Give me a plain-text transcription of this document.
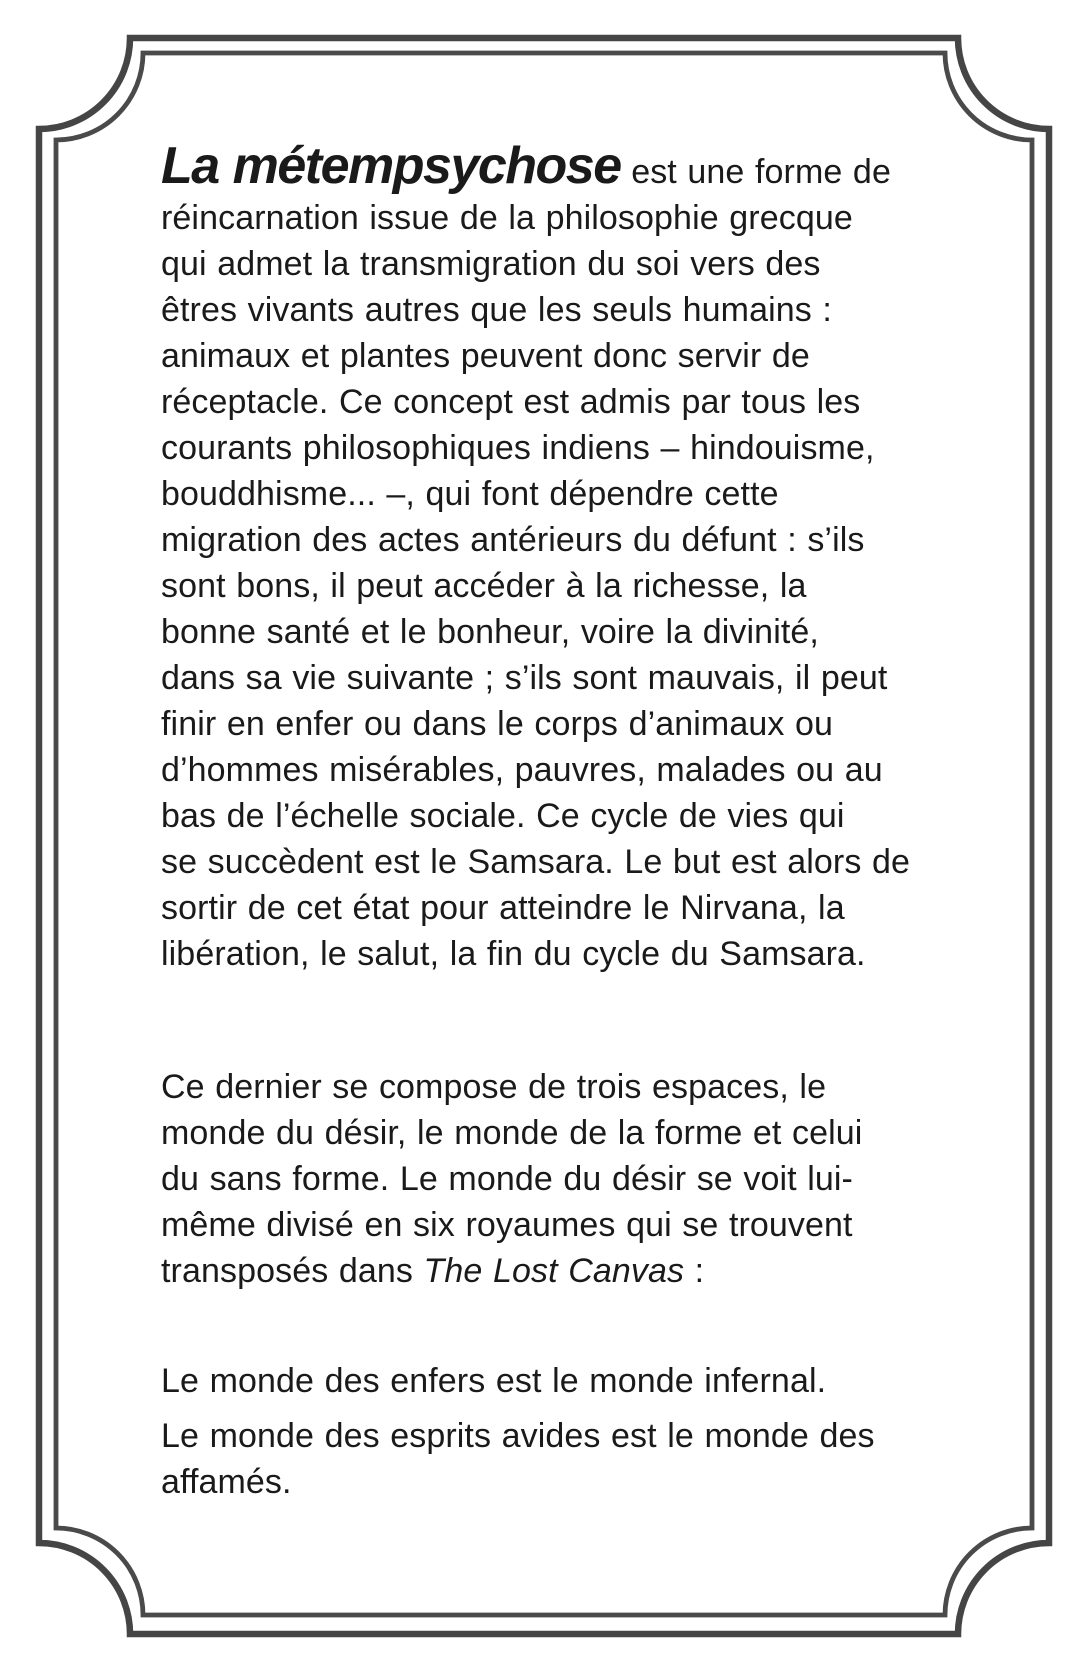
La métempsychose est une forme de
réincarnation issue de la philosophie grecque
qui admet la transmigration du soi vers des
êtres vivants autres que les seuls humains :
animaux et plantes peuvent donc servir de
réceptacle. Ce concept est admis par tous les
courants philosophiques indiens – hindouisme,
bouddhisme... –, qui font dépendre cette
migration des actes antérieurs du défunt : s’ils
sont bons, il peut accéder à la richesse, la
bonne santé et le bonheur, voire la divinité,
dans sa vie suivante ; s’ils sont mauvais, il peut
finir en enfer ou dans le corps d’animaux ou
d’hommes misérables, pauvres, malades ou au
bas de l’échelle sociale. Ce cycle de vies qui
se succèdent est le Samsara. Le but est alors de
sortir de cet état pour atteindre le Nirvana, la
libération, le salut, la fin du cycle du Samsara.
Ce dernier se compose de trois espaces, le
monde du désir, le monde de la forme et celui
du sans forme. Le monde du désir se voit lui-
même divisé en six royaumes qui se trouvent
transposés dans The Lost Canvas :
Le monde des enfers est le monde infernal.
Le monde des esprits avides est le monde des
affamés.
